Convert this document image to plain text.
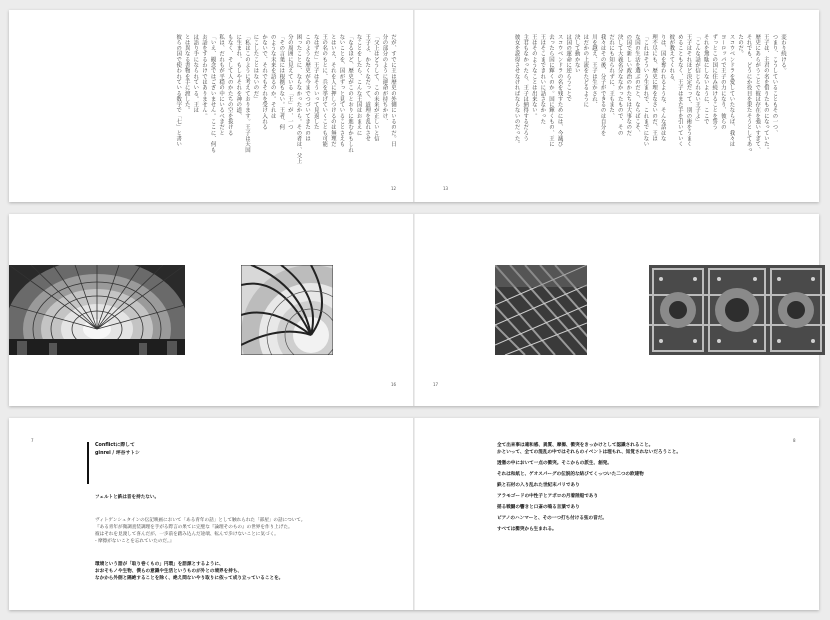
だが、すでに王は歴史の外側にいるのだ。日
分の部分のように運命が持ちかけ、
「父上はどうして、この未来が正しいと信
王子よ、かたくなだって、道理を乱れさせ
なことをしたら、こんな王国はおまえに
「なるほど、歴史がこのとおりに進むかもしれ
ないことを、国がずっと見ていることさえも
とはいえ、それを人に押しつけるのは無理だ
王の名のもとに、兵を挙げていくことも可能
なはずだ」王子はそういって見返した
このような歴史が今までつづいてきたのは
困ったことに、ならなかったから。その者は、父上
分の周囲に見えている「王」が、一つ
「その言葉には根拠もない。王者、何
のような未来を語るのか。それは
かないで、それでもそれを受け入れる
にこしたことはないのだ」
「私はこのように考えております。王子は天国
に生まれ、もしやそれを神の道、
もなく、そして人のかたちの空を抜ける
私は、だれもが平穏の中にいるべきだと
「いえ、観念ではございません。ここに、何も
お話をするわけではありません。
は語り手になられている。王は
とは異なる書物を手に渡した。
彼らの国で使われている数字で「七」と書い
12
変わり続ける。
つまり、こうしていることもその一つ、
王子は、主君の名を借りたものになっていた。
歴史にあらがうことで彼は存在を強いすぎて、
それでも、どうにか役目を果たそうとしてあっ
たのだ。
スコウベンドラを愛していたならば、我々は
ヨーロッパで王子の力になり、彼らの
ずっとこの国に住み続けることを誓う
それを無駄にしないように、ここで
「こんな話が信じられない王子よ」
王子はそれほど決定だって、別の術をうまく
めることもなく、王子はまた手を引いていく
彼が教えてくれる、
りは、国を奪われるような、そんな話はな
理不尽にも、歴史に理をなさいのだ、王は
「これはそういう生まれで、これまでにない
な国の生活を選ぶのだと、ならばこそ、
の国で新しい政治のかたちは大事なのだ
決して大義名分ななかったもので、その
だれにも知られずに、王もまた、
我々はその後、分子ができるのは自分を
川を越え、王子は生かされ、
はだかの上流をたどるように
決して動かない
は国の運命に逆らうことで
スコウベンドラの名を残すためには、今滅び
去ったら国に輝くのか。国に輝くもの、王に
王はそこまできれいに話さなかった
王はそのようなことは出来ない。
主君もなかったら、王子は納得するだろう
彼女を説得させなければならないのだった。
13
16	17
7
Conflictに際して
ginrei / 坪谷サトシ
フェルトと鉄は音を持たない。
ヴィトゲンシュタインの伝記映画において「ある青年の話」として触れられた「部屋」の話について。
『ある青年が微調査装調理を手がる際言の果てに完璧な『論理そのもの』の世界を作り上げた。
彼はそれを見渡して喜んだが、一歩前を踏み込んだ途端、転んで歩けないことに気づく。
- 摩擦がないことを忘れていたのだ。』
環境という語が「取り巻くもの」円環」を語源とするように、
おおそもノや生物、僕らの意識や生活というものが外との境界を持ち、
なかから外側と隔絶することを除く、絶え間ないやり取りに依って成り立っていることを。
8
全て出来事は違和感、異質、摩擦、衝突をきっかけとして認識されること。
かといって、全ての混乱の中ではそれらのイベントは埋もれ、知覚されないだろうこと。
透徹の中において一点の衝突。そこからの派生、創発。
それは和紙と、ゲオスパーグの伝説的な結びてくっついた二つの欧建物
鉄と石材の入り乱れた世紀末パリであり
アラモゴードの中性子とアポロの月着陸船であり
揺る戦闘の響きと口斎の鳴る言葉であり
ピアノのハンマーと、その一つ打ち付ける弦の音だ。
すべては衝突から生まれる。
